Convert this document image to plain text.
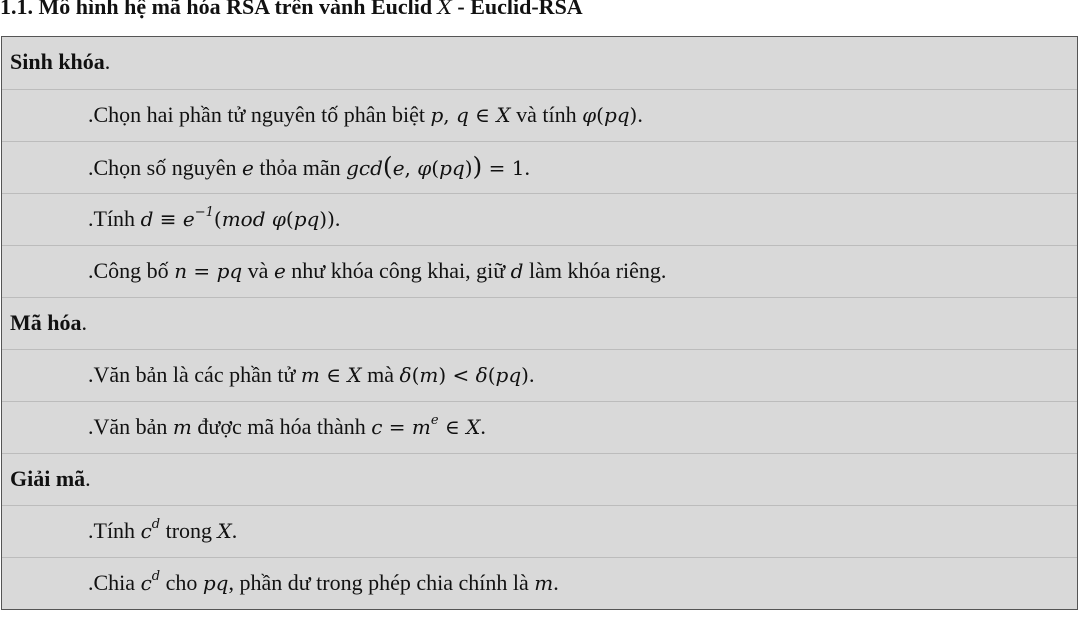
1.1. Mô hình hệ mã hóa RSA trên vành Euclid X - Euclid-RSA
Sinh khóa.
.Chọn hai phần tử nguyên tố phân biệt p, q ∈ X và tính φ(pq).
.Chọn số nguyên e thỏa mãn gcd(e, φ(pq)) = 1.
.Tính $d \equiv e^{-1}(mod$ φ(pq)).
.Công bố n = pq và e như khóa công khai, giữ d làm khóa riêng.
Mã hóa.
.Văn bản là các phần tử m ∈ X mà δ(m) < δ(pq).
.Văn bản m được mã hóa thành $c = m^e$ ∈ X.
Giải mã.
.Tính $c^d$ trong X.
.Chia $c^d$ cho pq, phần dư trong phép chia chính là m.
